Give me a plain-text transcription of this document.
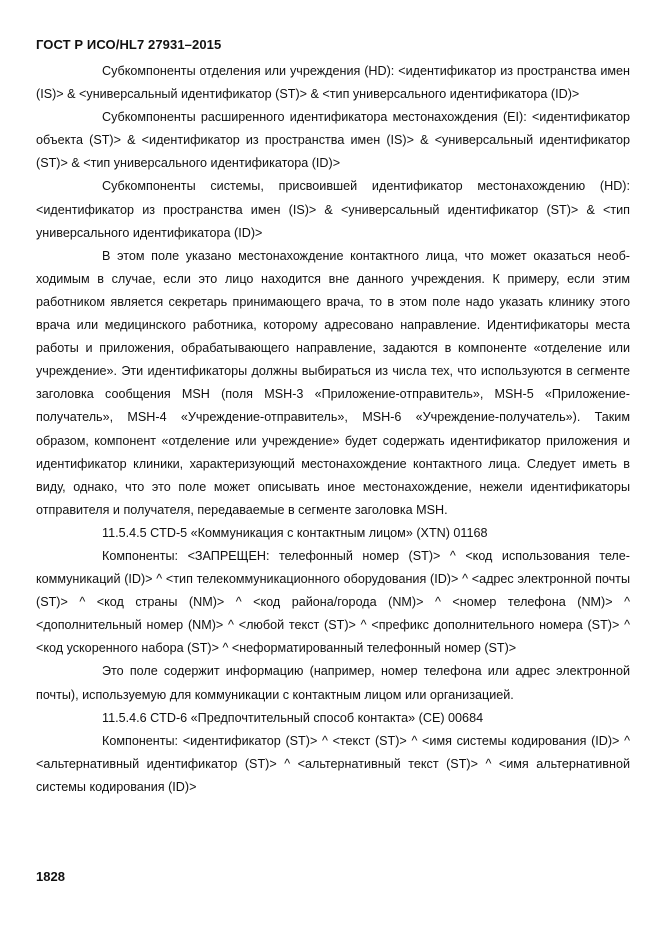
ГОСТ Р ИСО/HL7 27931–2015

Субкомпоненты отделения или учреждения (HD): <идентификатор из пространства имен (IS)> & <универсальный идентификатор (ST)> & <тип универсального идентификатора (ID)>

Субкомпоненты расширенного идентификатора местонахождения (EI): <идентификатор объекта (ST)> & <идентификатор из пространства имен (IS)> & <универсальный идентификатор (ST)> & <тип универсального идентификатора (ID)>

Субкомпоненты системы, присвоившей идентификатор местонахождению (HD): <идентификатор из пространства имен (IS)> & <универсальный идентификатор (ST)> & <тип универсального идентификатора (ID)>

В этом поле указано местонахождение контактного лица, что может оказаться необходимым в случае, если это лицо находится вне данного учреждения. К примеру, если этим работником является секретарь принимающего врача, то в этом поле надо указать клинику этого врача или медицинского работника, которому адресовано направление. Идентификаторы места работы и приложения, обрабатывающего направление, задаются в компоненте «отделение или учреждение». Эти идентификаторы должны выбираться из числа тех, что используются в сегменте заголовка сообщения MSH (поля MSH-3 «Приложение-отправитель», MSH-5 «Приложение-получатель», MSH-4 «Учреждение-отправитель», MSH-6 «Учреждение-получатель»). Таким образом, компонент «отделение или учреждение» будет содержать идентификатор приложения и идентификатор клиники, характеризующий местонахождение контактного лица. Следует иметь в виду, однако, что это поле может описывать иное местонахождение, нежели идентификаторы отправителя и получателя, передаваемые в сегменте заголовка MSH.

11.5.4.5 CTD-5 «Коммуникация с контактным лицом» (XTN) 01168

Компоненты: <ЗАПРЕЩЕН: телефонный номер (ST)> ^ <код использования телекоммуникаций (ID)> ^ <тип телекоммуникационного оборудования (ID)> ^ <адрес электронной почты (ST)> ^ <код страны (NM)> ^ <код района/города (NM)> ^ <номер телефона (NM)> ^ <дополнительный номер (NM)> ^ <любой текст (ST)> ^ <префикс дополнительного номера (ST)> ^ <код ускоренного набора (ST)> ^ <неформатированный телефонный номер (ST)>

Это поле содержит информацию (например, номер телефона или адрес электронной почты), используемую для коммуникации с контактным лицом или организацией.

11.5.4.6 CTD-6 «Предпочтительный способ контакта» (CE) 00684

Компоненты: <идентификатор (ST)> ^ <текст (ST)> ^ <имя системы кодирования (ID)> ^ <альтернативный идентификатор (ST)> ^ <альтернативный текст (ST)> ^ <имя альтернативной системы кодирования (ID)>

1828
